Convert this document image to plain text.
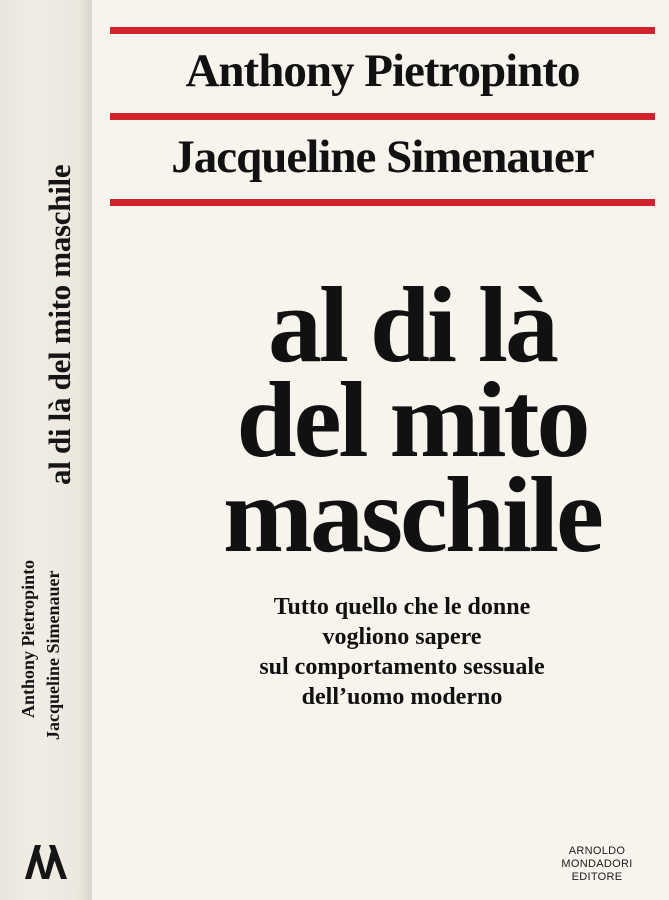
al di là del mito maschile
Anthony Pietropinto Jacqueline Simenauer
Anthony Pietropinto
Jacqueline Simenauer
al di là
del mito
maschile
Tutto quello che le donne
vogliono sapere
sul comportamento sessuale
dell’uomo moderno
ARNOLDO
MONDADORI
EDITORE
